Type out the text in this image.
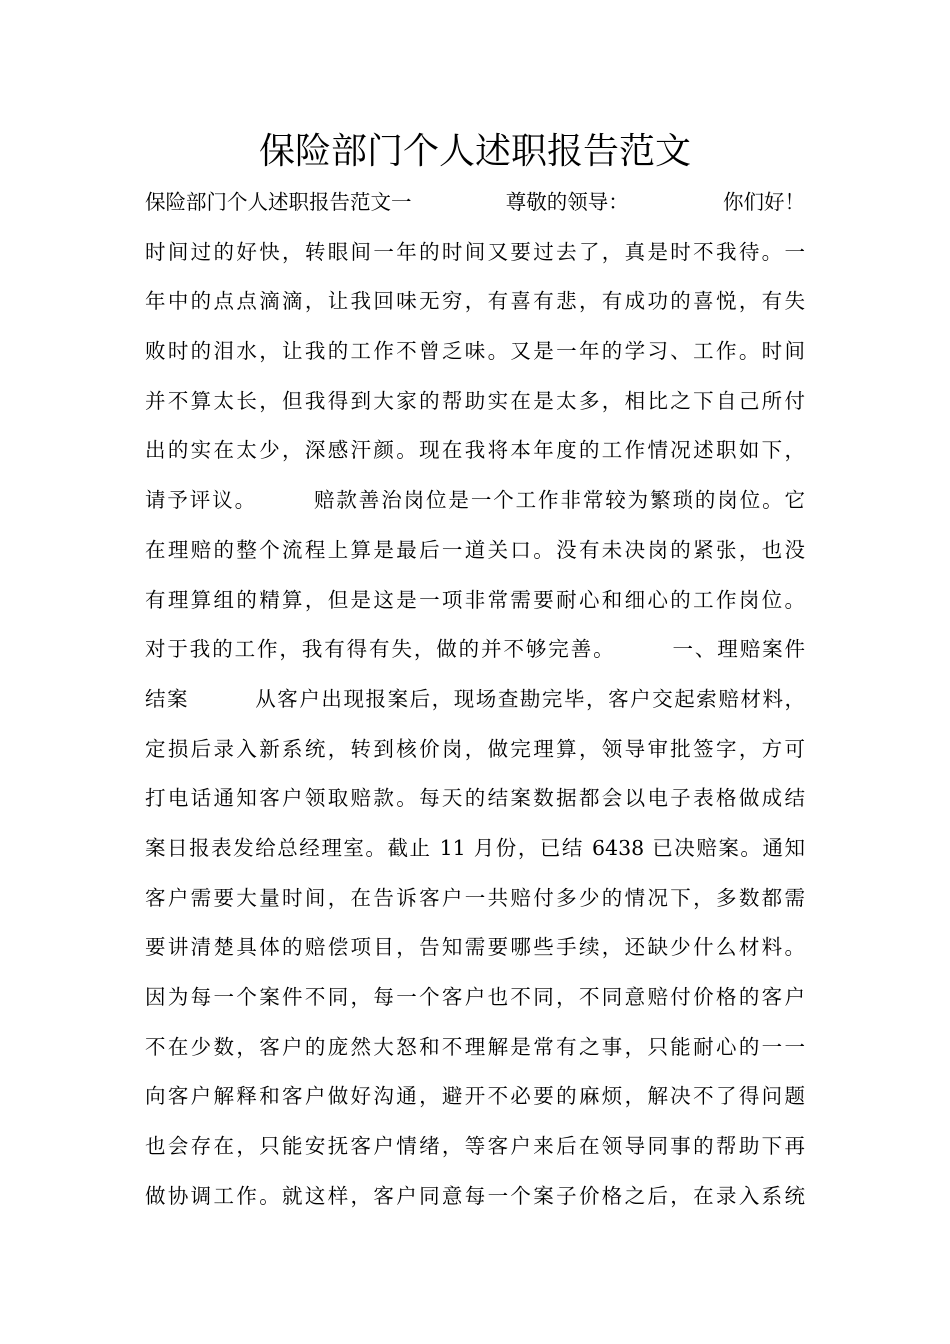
保险部门个人述职报告范文
保险部门个人述职报告范文一	尊敬的领导：	你们好！
时间过的好快，转眼间一年的时间又要过去了，真是时不我待。一
年中的点点滴滴，让我回味无穷，有喜有悲，有成功的喜悦，有失
败时的泪水，让我的工作不曾乏味。又是一年的学习、工作。时间
并不算太长，但我得到大家的帮助实在是太多，相比之下自己所付
出的实在太少，深感汗颜。现在我将本年度的工作情况述职如下，
请予评议。　　　赔款善治岗位是一个工作非常较为繁琐的岗位。它
在理赔的整个流程上算是最后一道关口。没有未决岗的紧张，也没
有理算组的精算，但是这是一项非常需要耐心和细心的工作岗位。
对于我的工作，我有得有失，做的并不够完善。　　　一、理赔案件
结案　　　从客户出现报案后，现场查勘完毕，客户交起索赔材料，
定损后录入新系统，转到核价岗，做完理算，领导审批签字，方可
打电话通知客户领取赔款。每天的结案数据都会以电子表格做成结
案日报表发给总经理室。截止 11 月份，已结 6438 已决赔案。通知
客户需要大量时间，在告诉客户一共赔付多少的情况下，多数都需
要讲清楚具体的赔偿项目，告知需要哪些手续，还缺少什么材料。
因为每一个案件不同，每一个客户也不同，不同意赔付价格的客户
不在少数，客户的庞然大怒和不理解是常有之事，只能耐心的一一
向客户解释和客户做好沟通，避开不必要的麻烦，解决不了得问题
也会存在，只能安抚客户情绪，等客户来后在领导同事的帮助下再
做协调工作。就这样，客户同意每一个案子价格之后，在录入系统
